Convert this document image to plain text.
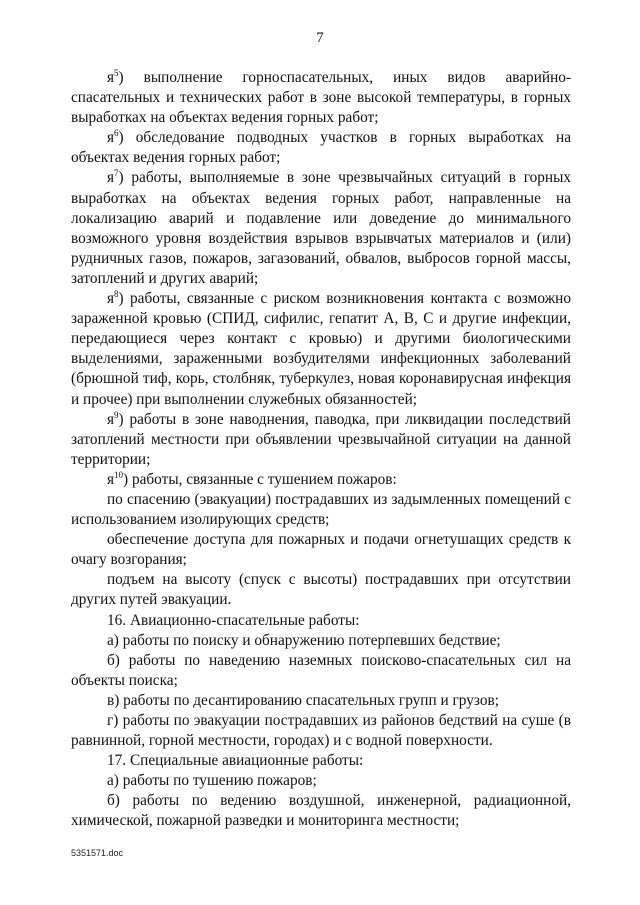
7

$я^5$) выполнение горноспасательных, иных видов аварийно-спасательных и технических работ в зоне высокой температуры, в горных выработках на объектах ведения горных работ;

$я^6$) обследование подводных участков в горных выработках на объектах ведения горных работ;

$я^7$) работы, выполняемые в зоне чрезвычайных ситуаций в горных выработках на объектах ведения горных работ, направленные на локализацию аварий и подавление или доведение до минимального возможного уровня воздействия взрывов взрывчатых материалов и (или) рудничных газов, пожаров, загазований, обвалов, выбросов горной массы, затоплений и других аварий;

$я^8$) работы, связанные с риском возникновения контакта с возможно зараженной кровью (СПИД, сифилис, гепатит А, В, С и другие инфекции, передающиеся через контакт с кровью) и другими биологическими выделениями, зараженными возбудителями инфекционных заболеваний (брюшной тиф, корь, столбняк, туберкулез, новая коронавирусная инфекция и прочее) при выполнении служебных обязанностей;

$я^9$) работы в зоне наводнения, паводка, при ликвидации последствий затоплений местности при объявлении чрезвычайной ситуации на данной территории;

$я^{10}$) работы, связанные с тушением пожаров:

по спасению (эвакуации) пострадавших из задымленных помещений с использованием изолирующих средств;

обеспечение доступа для пожарных и подачи огнетушащих средств к очагу возгорания;

подъем на высоту (спуск с высоты) пострадавших при отсутствии других путей эвакуации.

16. Авиационно-спасательные работы:

а) работы по поиску и обнаружению потерпевших бедствие;

б) работы по наведению наземных поисково-спасательных сил на объекты поиска;

в) работы по десантированию спасательных групп и грузов;

г) работы по эвакуации пострадавших из районов бедствий на суше (в равнинной, горной местности, городах) и с водной поверхности.

17. Специальные авиационные работы:

а) работы по тушению пожаров;

б) работы по ведению воздушной, инженерной, радиационной, химической, пожарной разведки и мониторинга местности;

5351571.doc
